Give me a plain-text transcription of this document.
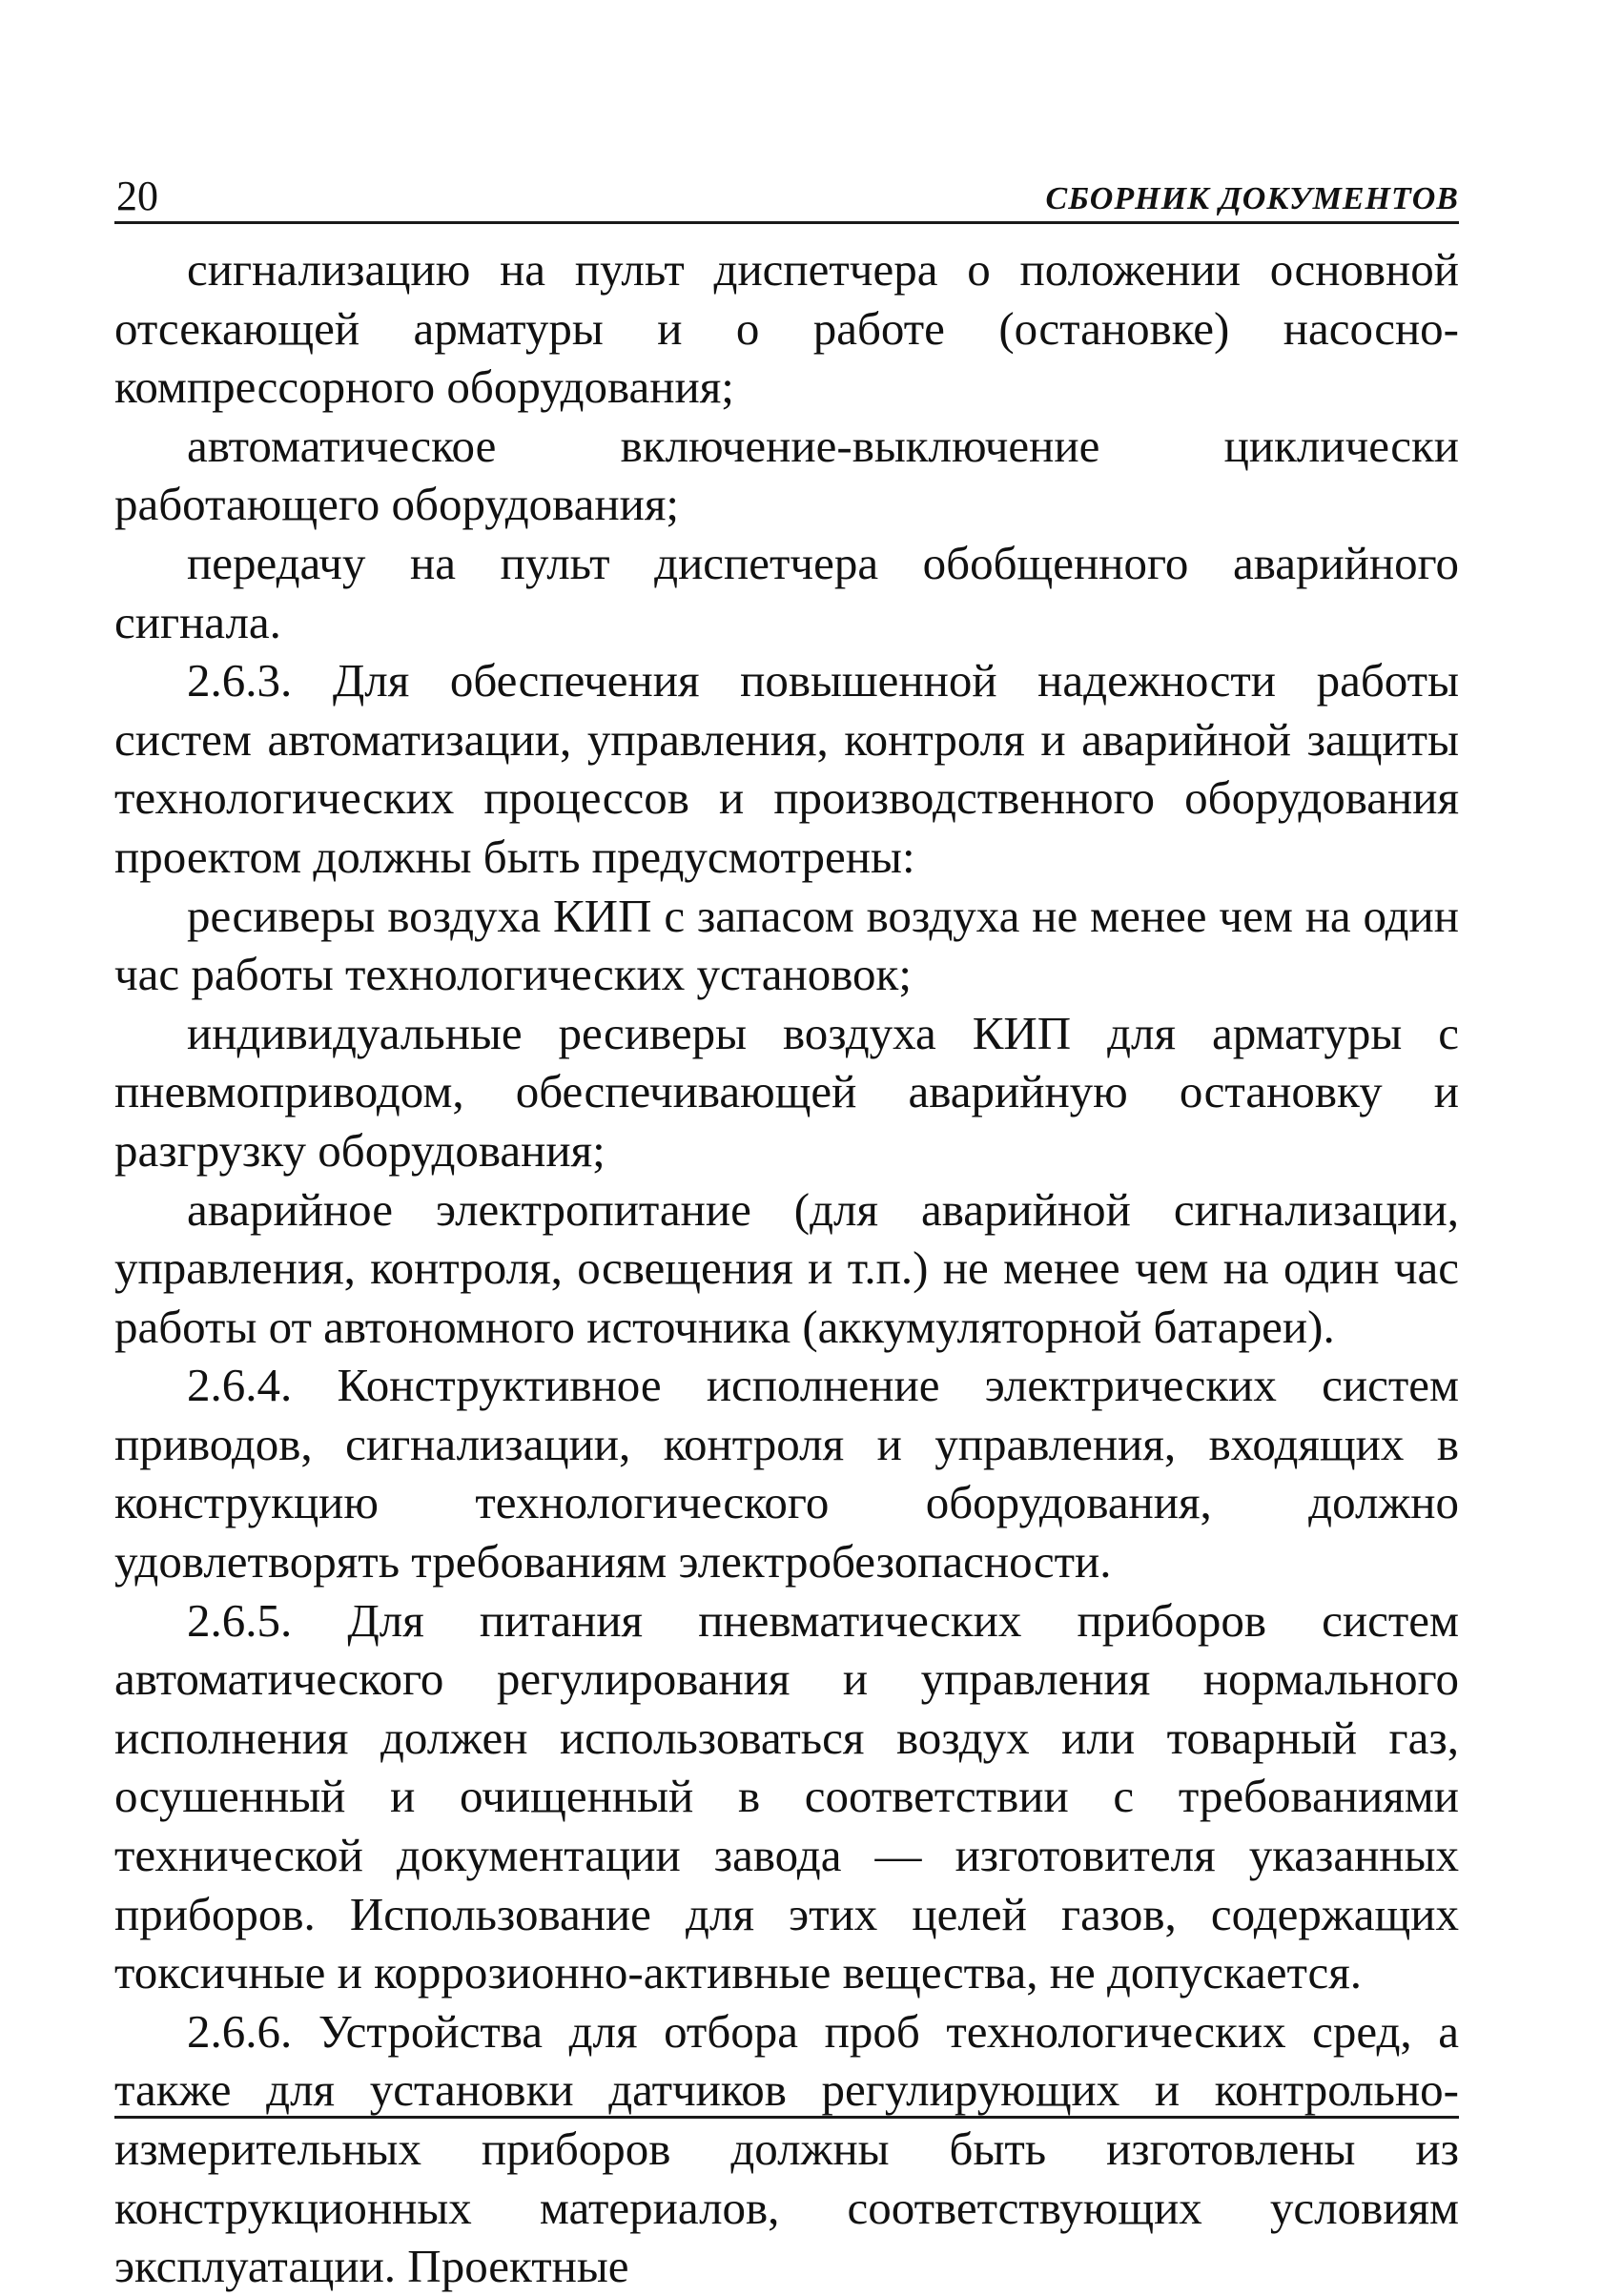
20	СБОРНИК ДОКУМЕНТОВ

сигнализацию на пульт диспетчера о положении основной отсекающей арматуры и о работе (остановке) насосно-компрессорного оборудования;

автоматическое включение-выключение циклически работающего оборудования;

передачу на пульт диспетчера обобщенного аварийного сигнала.

2.6.3. Для обеспечения повышенной надежности работы систем автоматизации, управления, контроля и аварийной защиты технологических процессов и производственного оборудования проектом должны быть предусмотрены:

ресиверы воздуха КИП с запасом воздуха не менее чем на один час работы технологических установок;

индивидуальные ресиверы воздуха КИП для арматуры с пневмоприводом, обеспечивающей аварийную остановку и разгрузку оборудования;

аварийное электропитание (для аварийной сигнализации, управления, контроля, освещения и т.п.) не менее чем на один час работы от автономного источника (аккумуляторной батареи).

2.6.4. Конструктивное исполнение электрических систем приводов, сигнализации, контроля и управления, входящих в конструкцию технологического оборудования, должно удовлетворять требованиям электробезопасности.

2.6.5. Для питания пневматических приборов систем автоматического регулирования и управления нормального исполнения должен использоваться воздух или товарный газ, осушенный и очищенный в соответствии с требованиями технической документации завода — изготовителя указанных приборов. Использование для этих целей газов, содержащих токсичные и коррозионно-активные вещества, не допускается.

2.6.6. Устройства для отбора проб технологических сред, а также для установки датчиков регулирующих и контрольно-измерительных приборов должны быть изготовлены из конструкционных материалов, соответствующих условиям эксплуатации. Проектные
